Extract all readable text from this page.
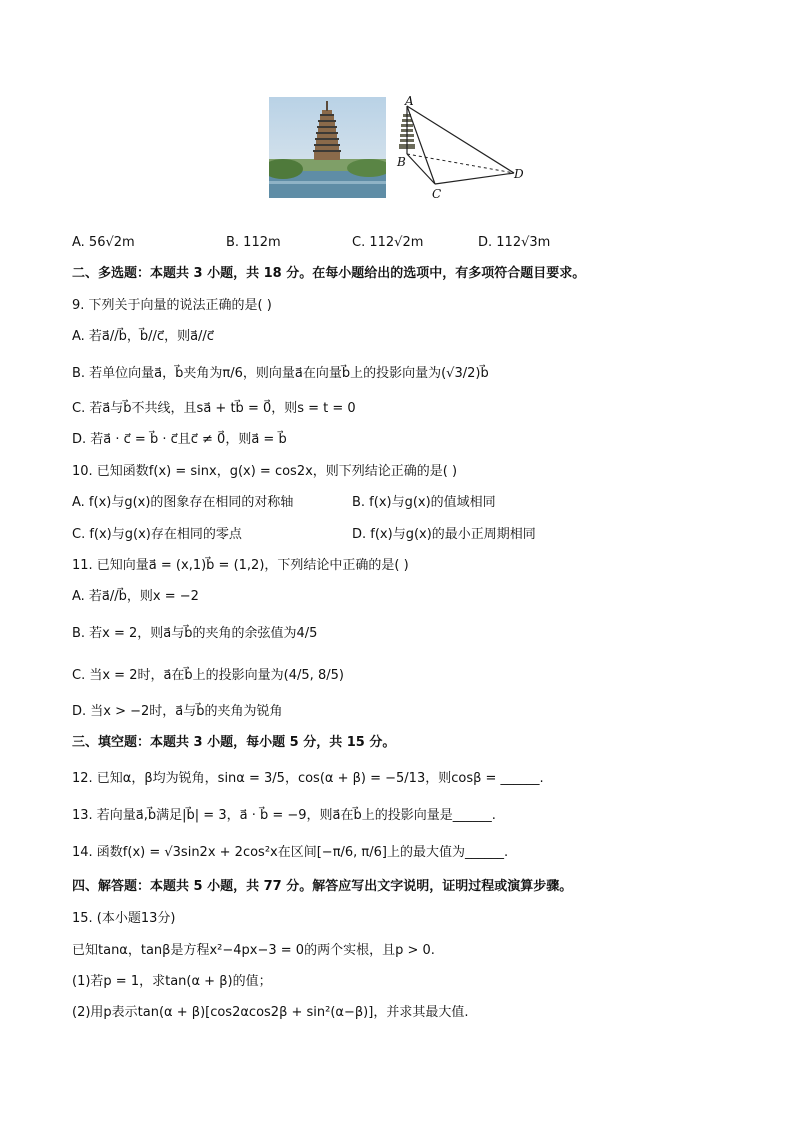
A
B
C
D
A. 56√2m	B. 112m	C. 112√2m	D. 112√3m
二、多选题：本题共 3 小题，共 18 分。在每小题给出的选项中，有多项符合题目要求。
9. 下列关于向量的说法正确的是( )
A. 若a⃗//b⃗，b⃗//c⃗，则a⃗//c⃗
B. 若单位向量a⃗，b⃗夹角为π/6，则向量a⃗在向量b⃗上的投影向量为(√3/2)b⃗
C. 若a⃗与b⃗不共线，且sa⃗ + tb⃗ = 0⃗，则s = t = 0
D. 若a⃗ · c⃗ = b⃗ · c⃗且c⃗ ≠ 0⃗，则a⃗ = b⃗
10. 已知函数f(x) = sinx，g(x) = cos2x，则下列结论正确的是( )
A. f(x)与g(x)的图象存在相同的对称轴	B. f(x)与g(x)的值域相同
C. f(x)与g(x)存在相同的零点	D. f(x)与g(x)的最小正周期相同
11. 已知向量a⃗ = (x,1)b⃗ = (1,2)，下列结论中正确的是( )
A. 若a⃗//b⃗，则x = −2
B. 若x = 2，则a⃗与b⃗的夹角的余弦值为4/5
C. 当x = 2时，a⃗在b⃗上的投影向量为(4/5, 8/5)
D. 当x > −2时，a⃗与b⃗的夹角为锐角
三、填空题：本题共 3 小题，每小题 5 分，共 15 分。
12. 已知α，β均为锐角，sinα = 3/5，cos(α + β) = −5/13，则cosβ = ______.
13. 若向量a⃗,b⃗满足|b⃗| = 3，a⃗ · b⃗ = −9，则a⃗在b⃗上的投影向量是______.
14. 函数f(x) = √3sin2x + 2cos²x在区间[−π/6, π/6]上的最大值为______.
四、解答题：本题共 5 小题，共 77 分。解答应写出文字说明，证明过程或演算步骤。
15. (本小题13分)
已知tanα，tanβ是方程x²−4px−3 = 0的两个实根，且p > 0.
(1)若p = 1，求tan(α + β)的值；
(2)用p表示tan(α + β)[cos2αcos2β + sin²(α−β)]，并求其最大值.
